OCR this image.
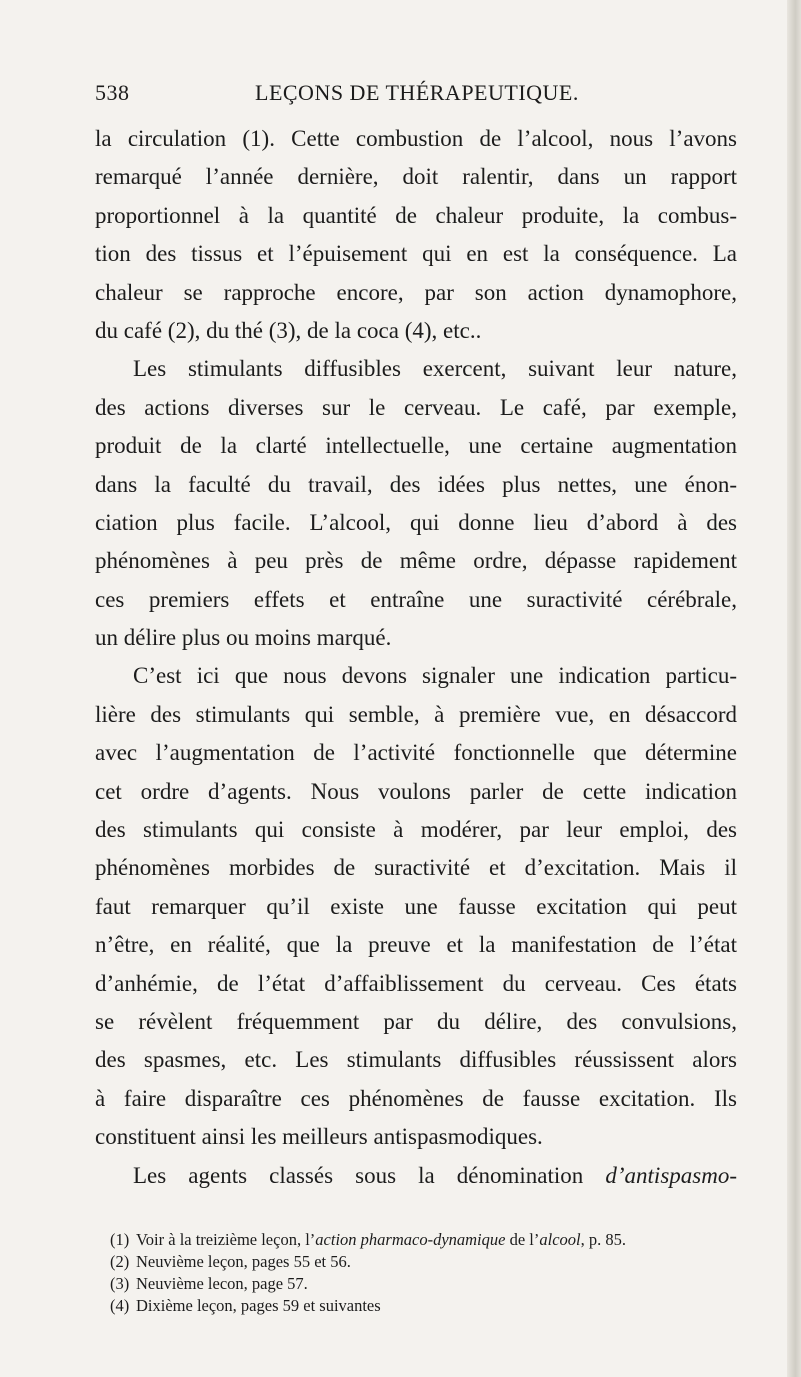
538	LEÇONS DE THÉRAPEUTIQUE.
la circulation (1). Cette combustion de l’alcool, nous l’avons
remarqué l’année dernière, doit ralentir, dans un rapport
proportionnel à la quantité de chaleur produite, la combus-
tion des tissus et l’épuisement qui en est la conséquence. La
chaleur se rapproche encore, par son action dynamophore,
du café (2), du thé (3), de la coca (4), etc..
Les stimulants diffusibles exercent, suivant leur nature,
des actions diverses sur le cerveau. Le café, par exemple,
produit de la clarté intellectuelle, une certaine augmentation
dans la faculté du travail, des idées plus nettes, une énon-
ciation plus facile. L’alcool, qui donne lieu d’abord à des
phénomènes à peu près de même ordre, dépasse rapidement
ces premiers effets et entraîne une suractivité cérébrale,
un délire plus ou moins marqué.
C’est ici que nous devons signaler une indication particu-
lière des stimulants qui semble, à première vue, en désaccord
avec l’augmentation de l’activité fonctionnelle que détermine
cet ordre d’agents. Nous voulons parler de cette indication
des stimulants qui consiste à modérer, par leur emploi, des
phénomènes morbides de suractivité et d’excitation. Mais il
faut remarquer qu’il existe une fausse excitation qui peut
n’être, en réalité, que la preuve et la manifestation de l’état
d’anhémie, de l’état d’affaiblissement du cerveau. Ces états
se révèlent fréquemment par du délire, des convulsions,
des spasmes, etc. Les stimulants diffusibles réussissent alors
à faire disparaître ces phénomènes de fausse excitation. Ils
constituent ainsi les meilleurs antispasmodiques.
Les agents classés sous la dénomination d’antispasmo-
(1) Voir à la treizième leçon, l’action pharmaco-dynamique de l’alcool, p. 85.
(2) Neuvième leçon, pages 55 et 56.
(3) Neuvième lecon, page 57.
(4) Dixième leçon, pages 59 et suivantes
